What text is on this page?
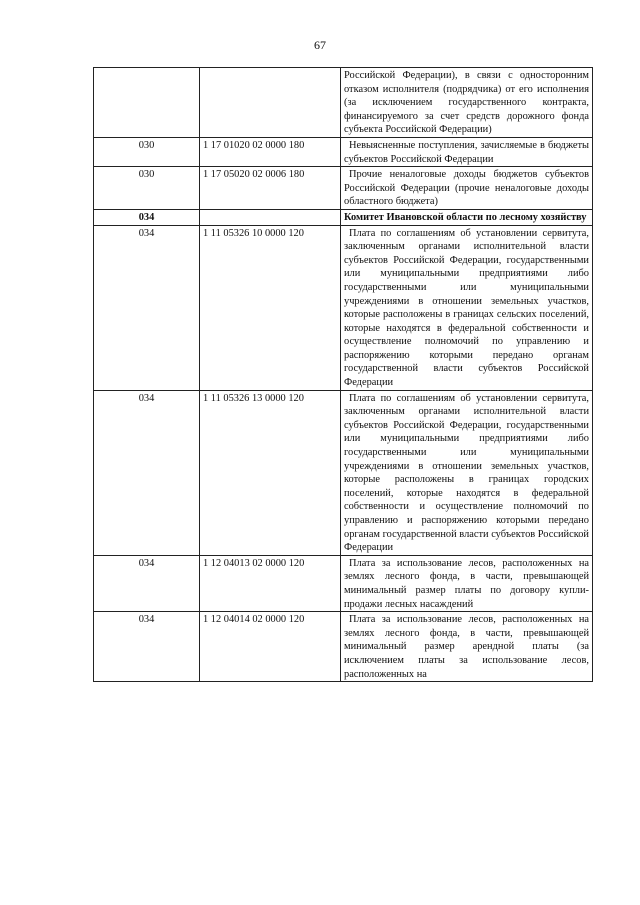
67
		Российской Федерации), в связи с односторонним отказом исполнителя (подрядчика) от его исполнения (за исключением государственного контракта, финансируемого за счет средств дорожного фонда субъекта Российской Федерации)
030	1 17 01020 02 0000 180	Невыясненные поступления, зачисляемые в бюджеты субъектов Российской Федерации
030	1 17 05020 02 0006 180	Прочие неналоговые доходы бюджетов субъектов Российской Федерации (прочие неналоговые доходы областного бюджета)
034		Комитет Ивановской области по лесному хозяйству
034	1 11 05326 10 0000 120	Плата по соглашениям об установлении сервитута, заключенным органами исполнительной власти субъектов Российской Федерации, государственными или муниципальными предприятиями либо государственными или муниципальными учреждениями в отношении земельных участков, которые расположены в границах сельских поселений, которые находятся в федеральной собственности и осуществление полномочий по управлению и распоряжению которыми передано органам государственной власти субъектов Российской Федерации
034	1 11 05326 13 0000 120	Плата по соглашениям об установлении сервитута, заключенным органами исполнительной власти субъектов Российской Федерации, государственными или муниципальными предприятиями либо государственными или муниципальными учреждениями в отношении земельных участков, которые расположены в границах городских поселений, которые находятся в федеральной собственности и осуществление полномочий по управлению и распоряжению которыми передано органам государственной власти субъектов Российской Федерации
034	1 12 04013 02 0000 120	Плата за использование лесов, расположенных на землях лесного фонда, в части, превышающей минимальный размер платы по договору купли-продажи лесных насаждений
034	1 12 04014 02 0000 120	Плата за использование лесов, расположенных на землях лесного фонда, в части, превышающей минимальный размер арендной платы (за исключением платы за использование лесов, расположенных на
